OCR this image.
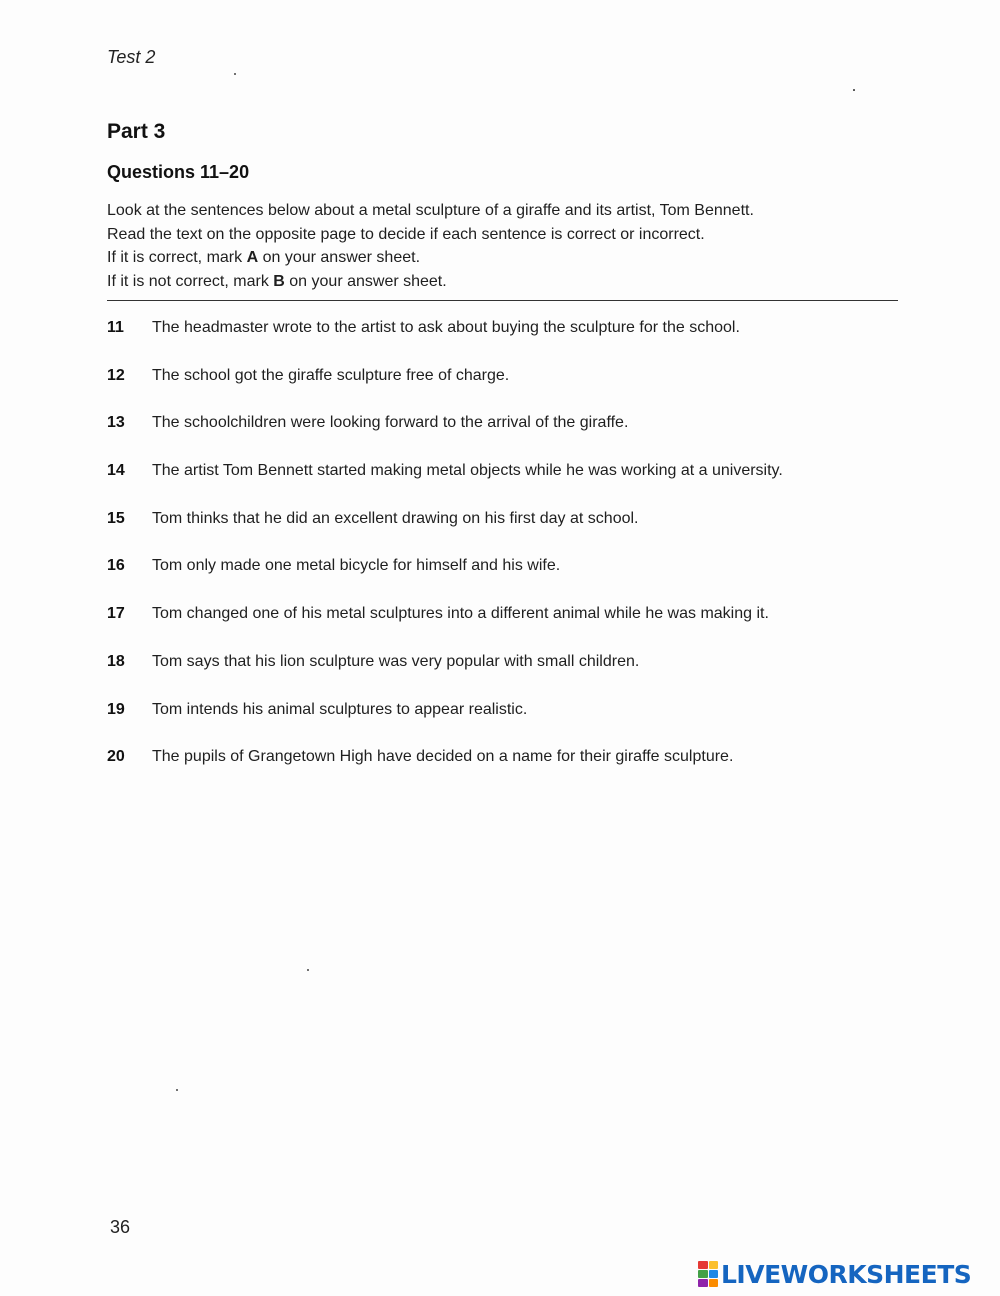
Test 2
Part 3
Questions 11–20
Look at the sentences below about a metal sculpture of a giraffe and its artist, Tom Bennett.
Read the text on the opposite page to decide if each sentence is correct or incorrect.
If it is correct, mark A on your answer sheet.
If it is not correct, mark B on your answer sheet.
11	The headmaster wrote to the artist to ask about buying the sculpture for the school.
12	The school got the giraffe sculpture free of charge.
13	The schoolchildren were looking forward to the arrival of the giraffe.
14	The artist Tom Bennett started making metal objects while he was working at a university.
15	Tom thinks that he did an excellent drawing on his first day at school.
16	Tom only made one metal bicycle for himself and his wife.
17	Tom changed one of his metal sculptures into a different animal while he was making it.
18	Tom says that his lion sculpture was very popular with small children.
19	Tom intends his animal sculptures to appear realistic.
20	The pupils of Grangetown High have decided on a name for their giraffe sculpture.
36
LIVEWORKSHEETS
